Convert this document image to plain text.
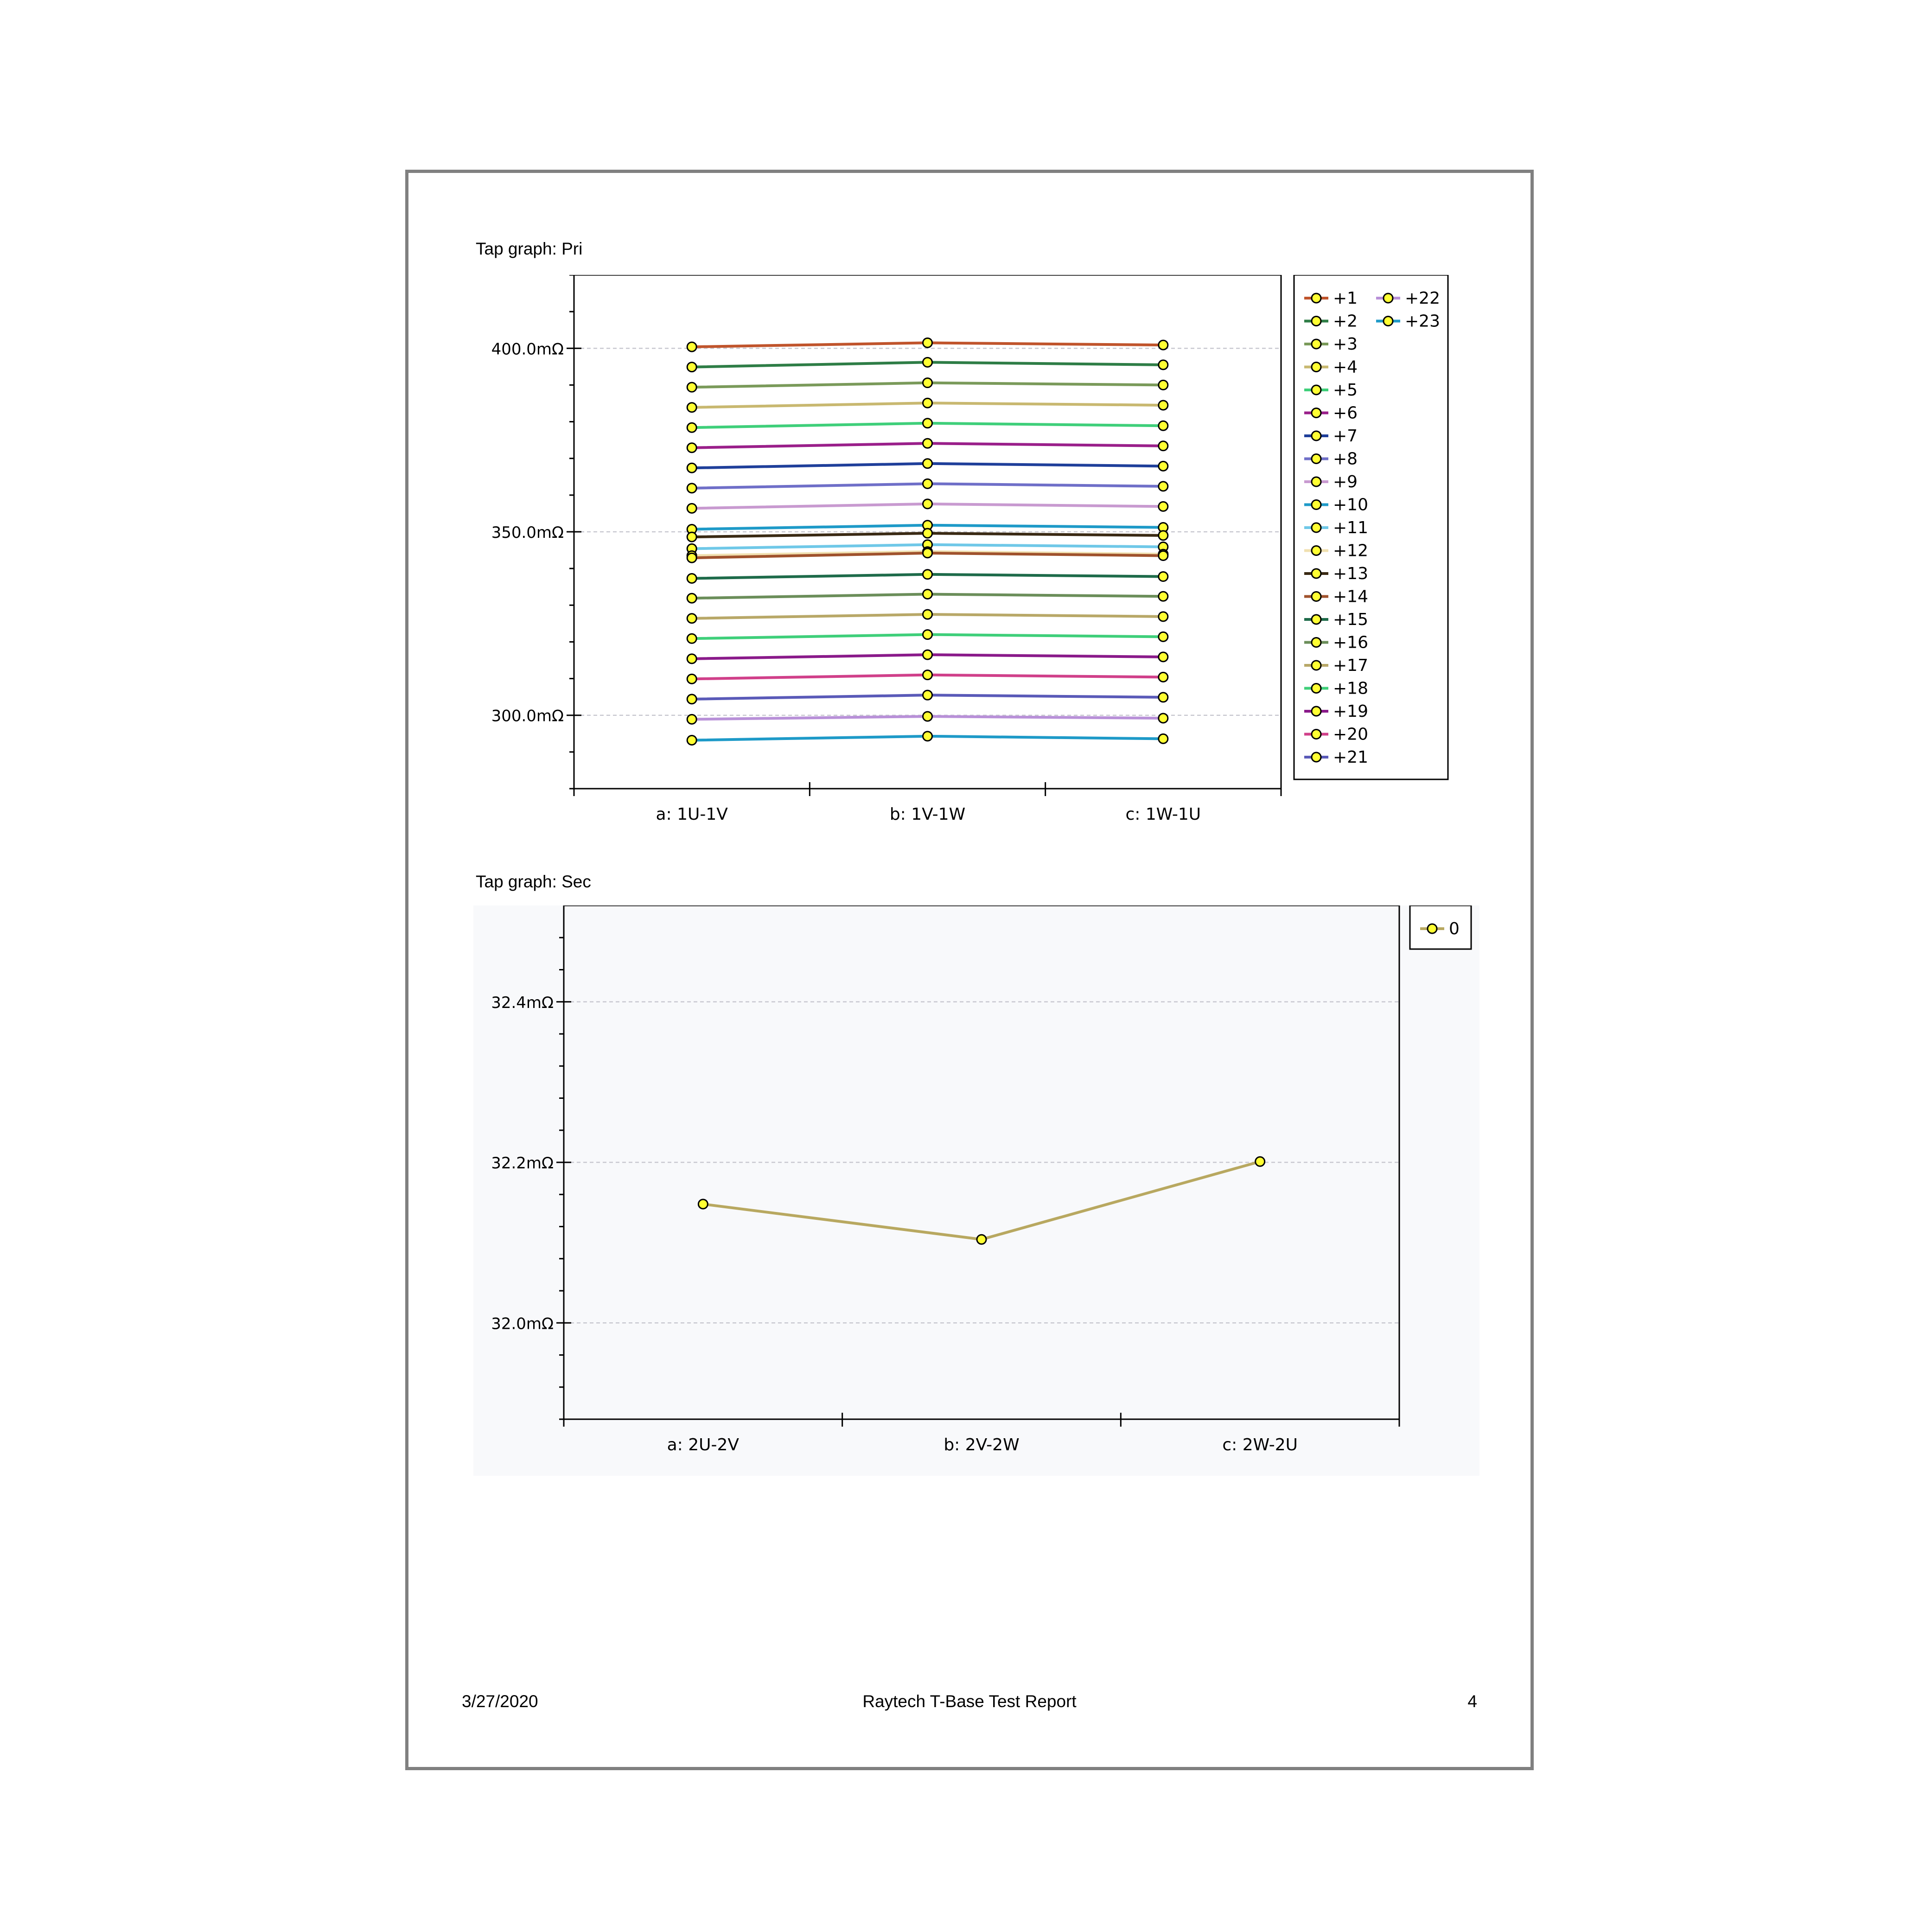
Tap graph: Pri
300.0mΩ
350.0mΩ
400.0mΩ
a: 1U-1V	b: 1V-1W	c: 1W-1U
+1
+2
+3
+4
+5
+6
+7
+8
+9
+10
+11
+12
+13
+14
+15
+16
+17
+18
+19
+20
+21
+22
+23
Tap graph: Sec
32.0mΩ
32.2mΩ
32.4mΩ
a: 2U-2V	b: 2V-2W	c: 2W-2U
0
3/27/2020	Raytech T-Base Test Report	4
